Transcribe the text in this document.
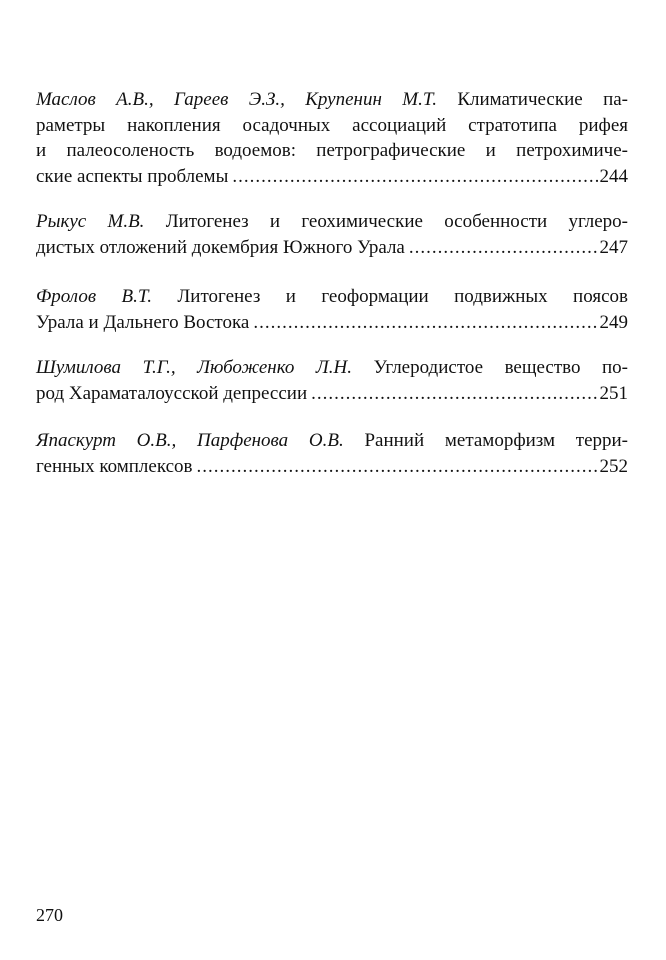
Маслов А.В., Гареев Э.З., Крупенин М.Т. Климатические па-
раметры накопления осадочных ассоциаций стратотипа рифея
и палеосоленость водоемов: петрографические и петрохимиче-
ские аспекты проблемы .....	244
Рыкус М.В. Литогенез и геохимические особенности углеро-
дистых отложений докембрия Южного Урала .....	247
Фролов В.Т. Литогенез и геоформации подвижных поясов
Урала и Дальнего Востока .....	249
Шумилова Т.Г., Любоженко Л.Н. Углеродистое вещество по-
род Хараматалоусской депрессии .....	251
Япаскурт О.В., Парфенова О.В. Ранний метаморфизм терри-
генных комплексов .....	252
270
